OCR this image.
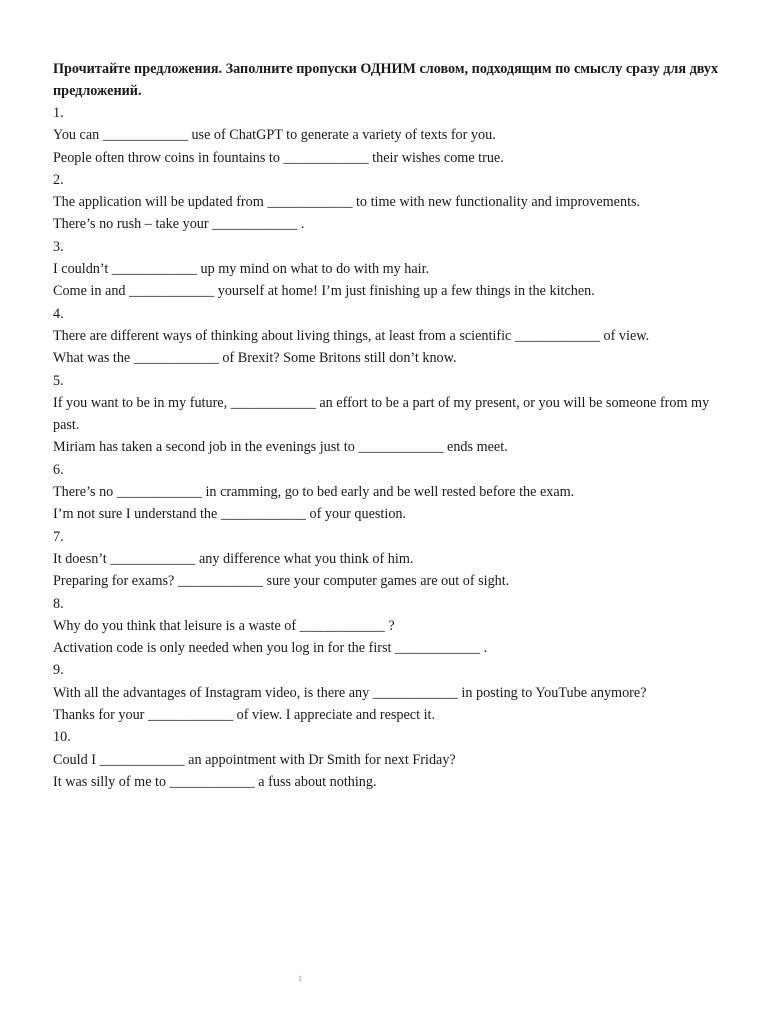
Прочитайте предложения. Заполните пропуски ОДНИМ словом, подходящим по смыслу сразу для двух предложений.

1.

You can ____________ use of ChatGPT to generate a variety of texts for you.

People often throw coins in fountains to ____________ their wishes come true.

2.

The application will be updated from ____________ to time with new functionality and improvements.

There’s no rush – take your ____________ .

3.

I couldn’t ____________ up my mind on what to do with my hair.

Come in and ____________ yourself at home! I’m just finishing up a few things in the kitchen.

4.

There are different ways of thinking about living things, at least from a scientific ____________ of view.

What was the ____________ of Brexit? Some Britons still don’t know.

5.

If you want to be in my future, ____________ an effort to be a part of my present, or you will be someone from my past.

Miriam has taken a second job in the evenings just to ____________ ends meet.

6.

There’s no ____________ in cramming, go to bed early and be well rested before the exam.

I’m not sure I understand the ____________ of your question.

7.

It doesn’t ____________ any difference what you think of him.

Preparing for exams? ____________ sure your computer games are out of sight.

8.

Why do you think that leisure is a waste of ____________ ?

Activation code is only needed when you log in for the first ____________ .

9.

With all the advantages of Instagram video, is there any ____________ in posting to YouTube anymore?

Thanks for your ____________ of view. I appreciate and respect it.

10.

Could I ____________ an appointment with Dr Smith for next Friday?

It was silly of me to ____________ a fuss about nothing.

1
